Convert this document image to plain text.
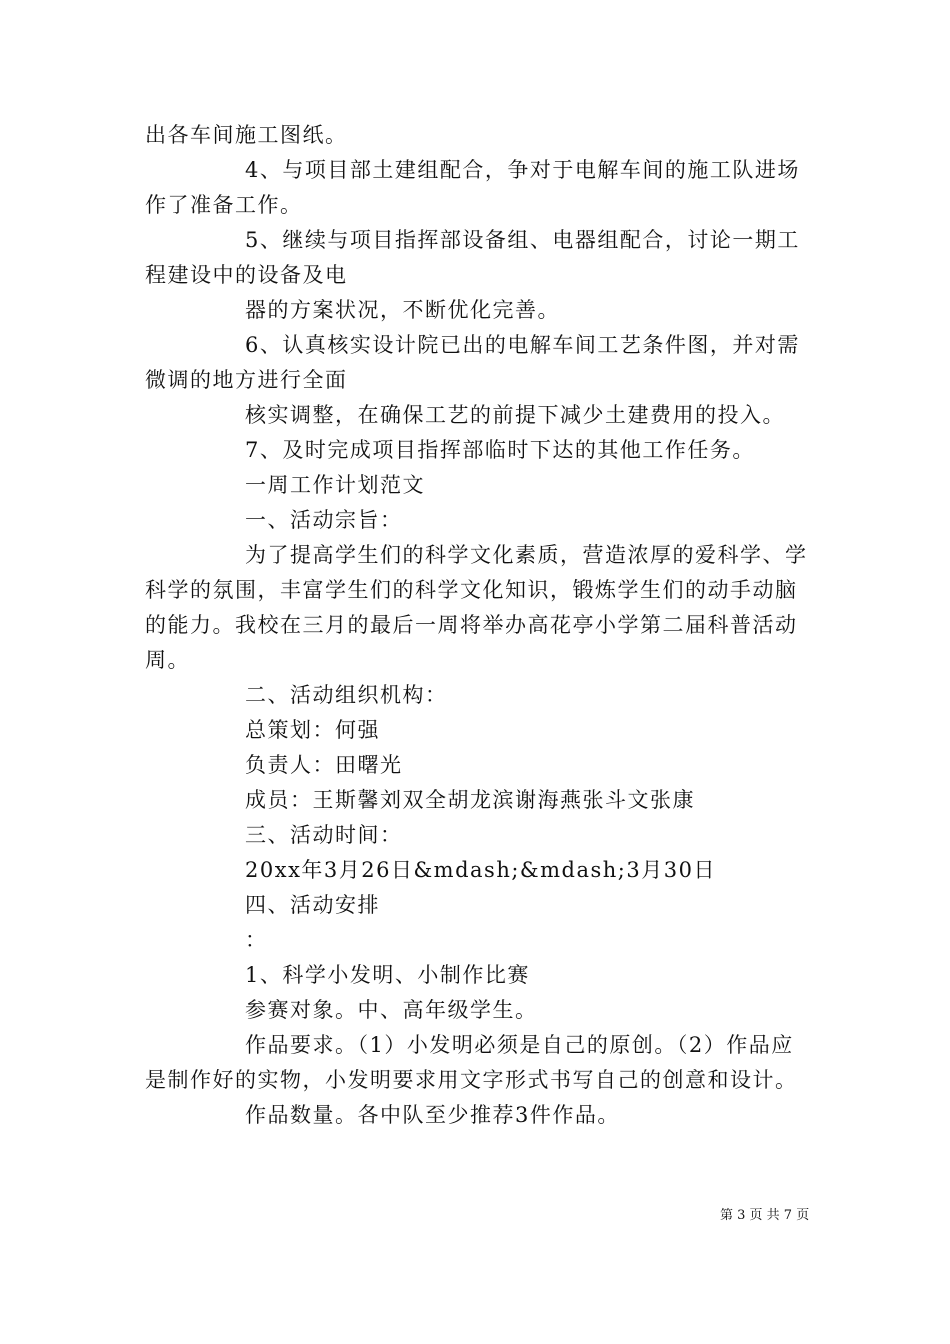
出各车间施工图纸。
4、与项目部土建组配合，争对于电解车间的施工队进场
作了准备工作。
5、继续与项目指挥部设备组、电器组配合，讨论一期工
程建设中的设备及电
器的方案状况，不断优化完善。
6、认真核实设计院已出的电解车间工艺条件图，并对需
微调的地方进行全面
核实调整，在确保工艺的前提下减少土建费用的投入。
7、及时完成项目指挥部临时下达的其他工作任务。
一周工作计划范文
一、活动宗旨：
为了提高学生们的科学文化素质，营造浓厚的爱科学、学
科学的氛围，丰富学生们的科学文化知识，锻炼学生们的动手动脑
的能力。我校在三月的最后一周将举办高花亭小学第二届科普活动
周。
二、活动组织机构：
总策划：何强
负责人：田曙光
成员：王斯馨刘双全胡龙滨谢海燕张斗文张康
三、活动时间：
20xx年3月26日&mdash;&mdash;3月30日
四、活动安排
：
1、科学小发明、小制作比赛
参赛对象。中、高年级学生。
作品要求。（1）小发明必须是自己的原创。（2）作品应
是制作好的实物，小发明要求用文字形式书写自己的创意和设计。
作品数量。各中队至少推荐3件作品。
第 3 页 共 7 页
